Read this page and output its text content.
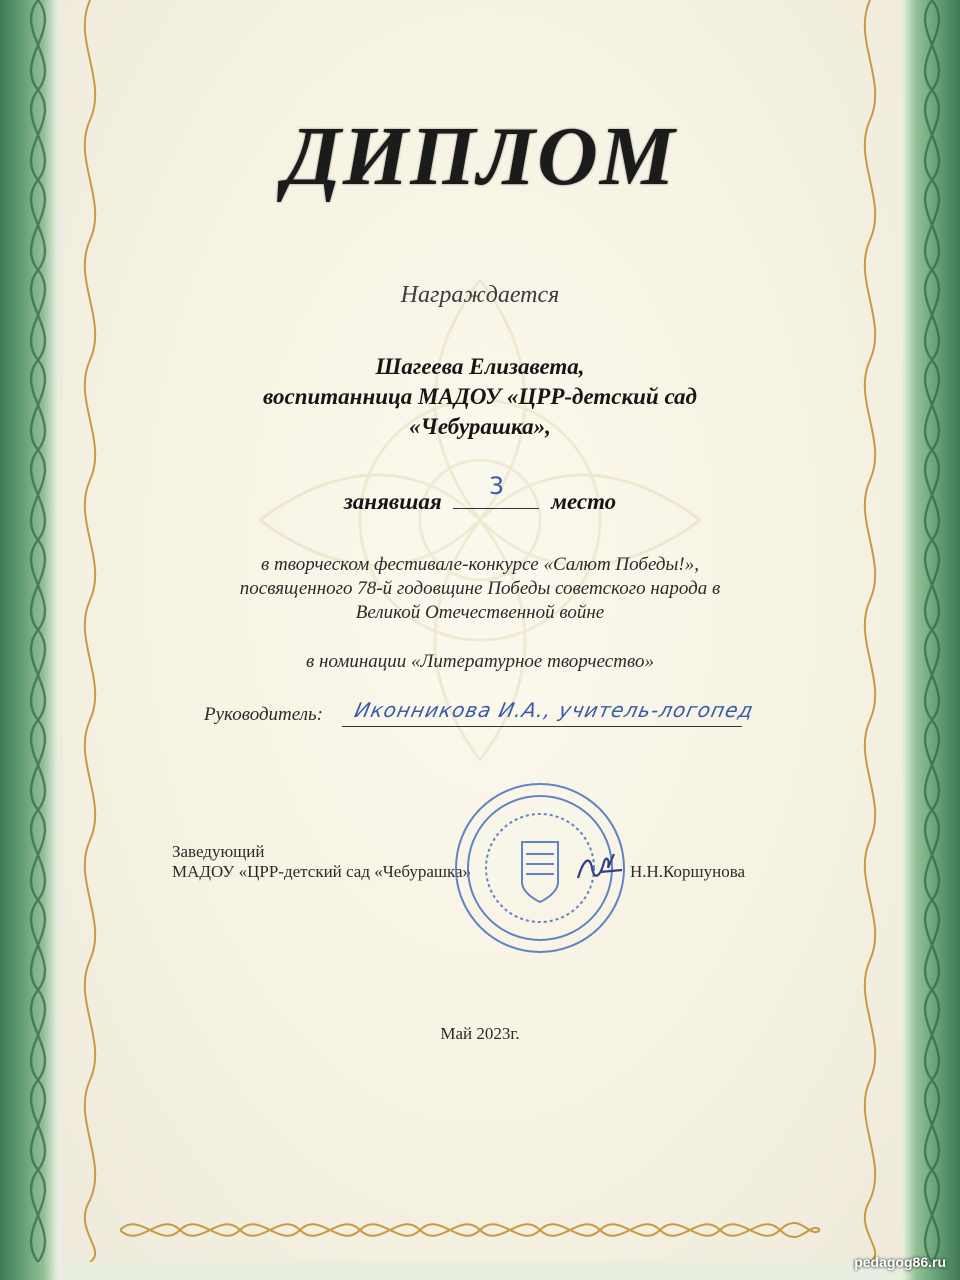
ДИПЛОМ
Награждается
Шагеева Елизавета,
воспитанница МАДОУ «ЦРР-детский сад
«Чебурашка»,
занявшая
3
место
в творческом фестивале-конкурсе «Салют Победы!»,
посвященного 78-й годовщине Победы советского народа в
Великой Отечественной войне
в номинации «Литературное творчество»
Руководитель: Иконникова И.А., учитель-логопед
Заведующий
МАДОУ «ЦРР-детский сад «Чебурашка»	Н.Н.Коршунова
Май 2023г.
pedagog86.ru
